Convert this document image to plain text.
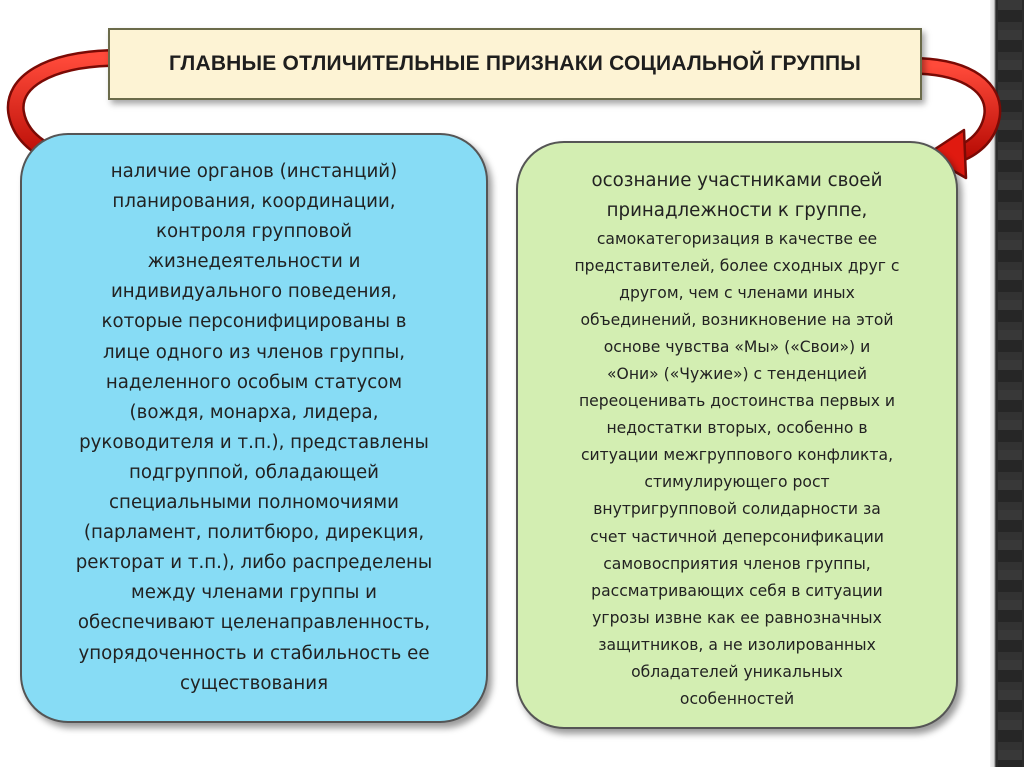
ГЛАВНЫЕ ОТЛИЧИТЕЛЬНЫЕ ПРИЗНАКИ СОЦИАЛЬНОЙ ГРУППЫ
наличие органов (инстанций)
планирования, координации,
контроля групповой
жизнедеятельности и
индивидуального поведения,
которые персонифицированы в
лице одного из членов группы,
наделенного особым статусом
(вождя, монарха, лидера,
руководителя и т.п.), представлены
подгруппой, обладающей
специальными полномочиями
(парламент, политбюро, дирекция,
ректорат и т.п.), либо распределены
между членами группы и
обеспечивают целенаправленность,
упорядоченность и стабильность ее
существования
осознание участниками своей
принадлежности к группе,
самокатегоризация в качестве ее
представителей, более сходных друг с
другом, чем с членами иных
объединений, возникновение на этой
основе чувства «Мы» («Свои») и
«Они» («Чужие») с тенденцией
переоценивать достоинства первых и
недостатки вторых, особенно в
ситуации межгруппового конфликта,
стимулирующего рост
внутригрупповой солидарности за
счет частичной деперсонификации
самовосприятия членов группы,
рассматривающих себя в ситуации
угрозы извне как ее равнозначных
защитников, а не изолированных
обладателей уникальных
особенностей
